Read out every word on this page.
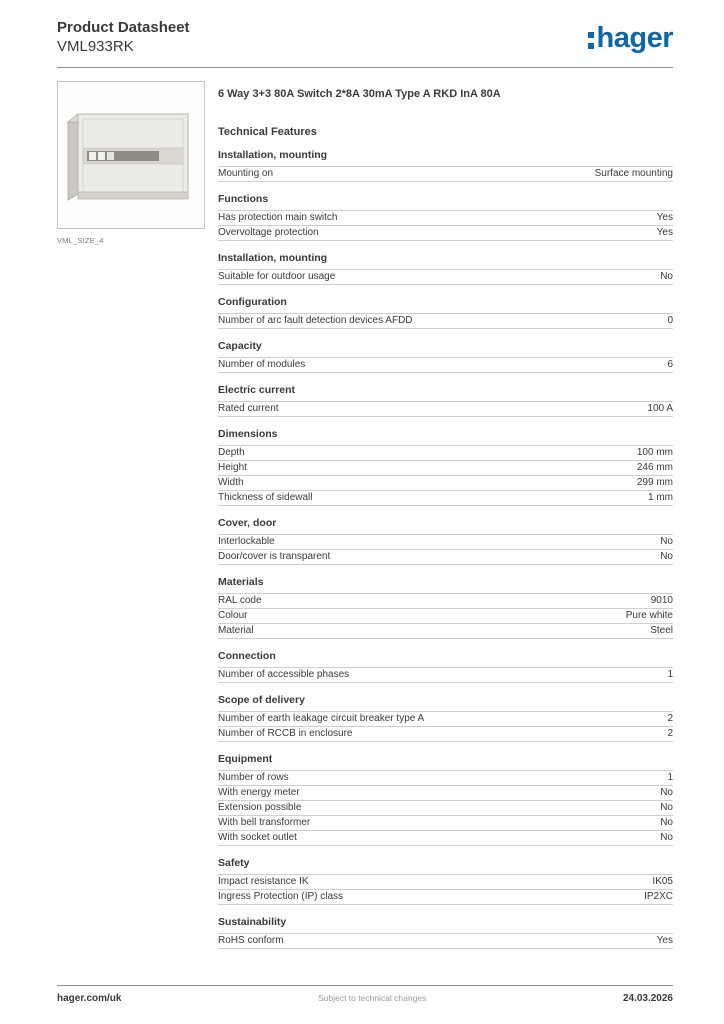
Product Datasheet
VML933RK	hager
VML_SIZE_4
6 Way 3+3 80A Switch 2*8A 30mA Type A RKD InA 80A
Technical Features
Installation, mounting
Mounting on	Surface mounting
Functions
Has protection main switch	Yes
Overvoltage protection	Yes
Installation, mounting
Suitable for outdoor usage	No
Configuration
Number of arc fault detection devices AFDD	0
Capacity
Number of modules	6
Electric current
Rated current	100 A
Dimensions
Depth	100 mm
Height	246 mm
Width	299 mm
Thickness of sidewall	1 mm
Cover, door
Interlockable	No
Door/cover is transparent	No
Materials
RAL code	9010
Colour	Pure white
Material	Steel
Connection
Number of accessible phases	1
Scope of delivery
Number of earth leakage circuit breaker type A	2
Number of RCCB in enclosure	2
Equipment
Number of rows	1
With energy meter	No
Extension possible	No
With bell transformer	No
With socket outlet	No
Safety
Impact resistance IK	IK05
Ingress Protection (IP) class	IP2XC
Sustainability
RoHS conform	Yes
hager.com/uk	Subject to technical changes	24.03.2026
